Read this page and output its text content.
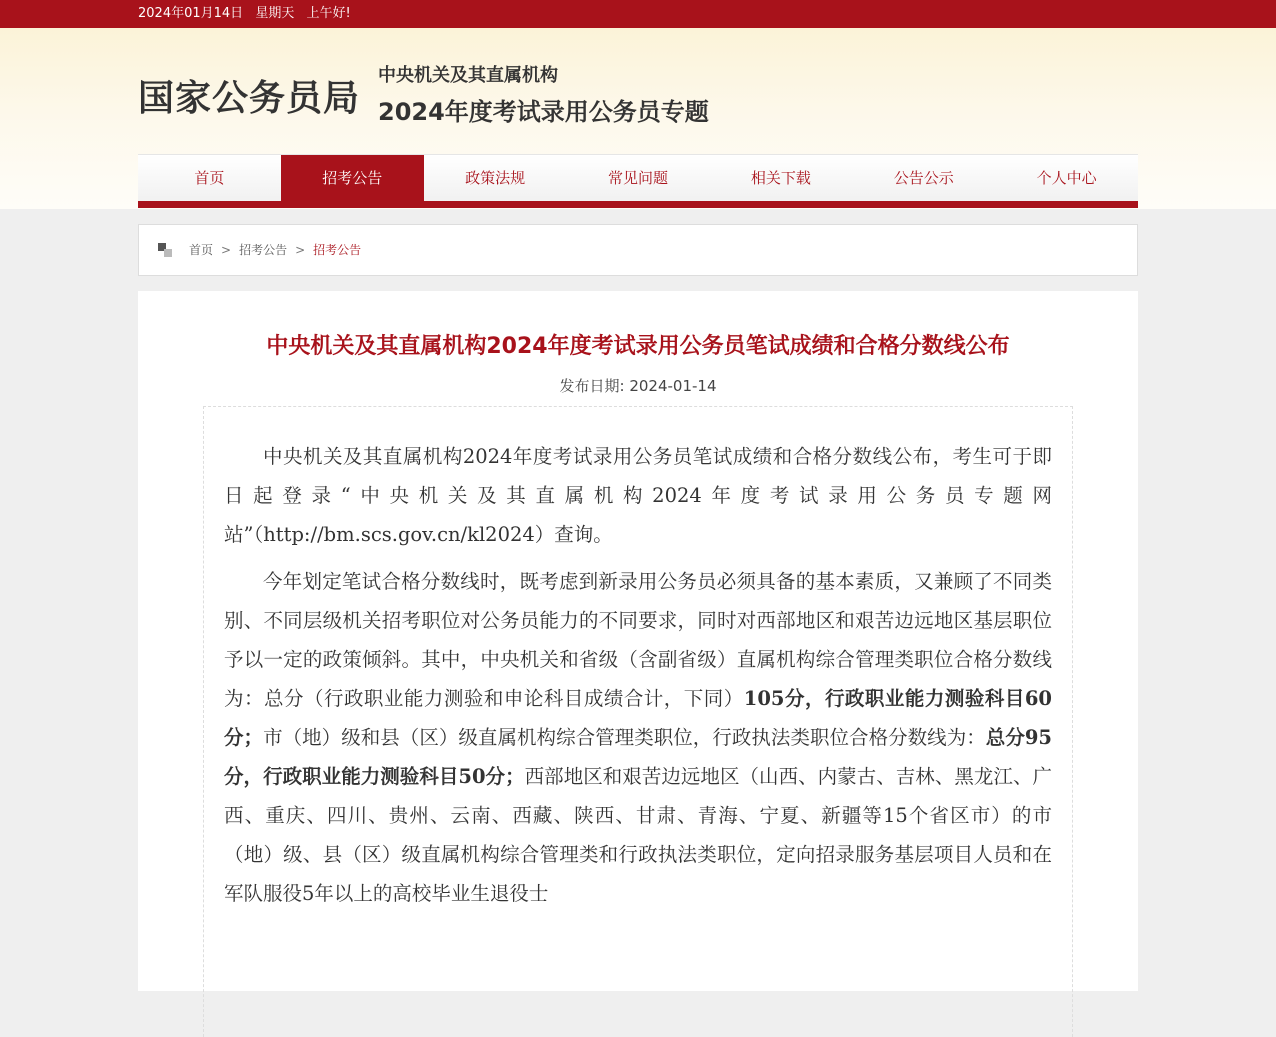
2024年01月14日 星期天 上午好!
国家公务员局
中央机关及其直属机构
2024年度考试录用公务员专题
首页	招考公告	政策法规	常见问题	相关下载	公告公示	个人中心
首页 > 招考公告 > 招考公告
中央机关及其直属机构2024年度考试录用公务员笔试成绩和合格分数线公布
发布日期: 2024-01-14

中央机关及其直属机构2024年度考试录用公务员笔试成绩和合格分数线公布，考生可于即日起登录“中央机关及其直属机构2024年度考试录用公务员专题网站”（http://bm.scs.gov.cn/kl2024）查询。

今年划定笔试合格分数线时，既考虑到新录用公务员必须具备的基本素质，又兼顾了不同类别、不同层级机关招考职位对公务员能力的不同要求，同时对西部地区和艰苦边远地区基层职位予以一定的政策倾斜。其中，中央机关和省级（含副省级）直属机构综合管理类职位合格分数线为：总分（行政职业能力测验和申论科目成绩合计，下同）105分，行政职业能力测验科目60分；市（地）级和县（区）级直属机构综合管理类职位，行政执法类职位合格分数线为：总分95分，行政职业能力测验科目50分；西部地区和艰苦边远地区（山西、内蒙古、吉林、黑龙江、广西、重庆、四川、贵州、云南、西藏、陕西、甘肃、青海、宁夏、新疆等15个省区市）的市（地）级、县（区）级直属机构综合管理类和行政执法类职位，定向招录服务基层项目人员和在军队服役5年以上的高校毕业生退役士
